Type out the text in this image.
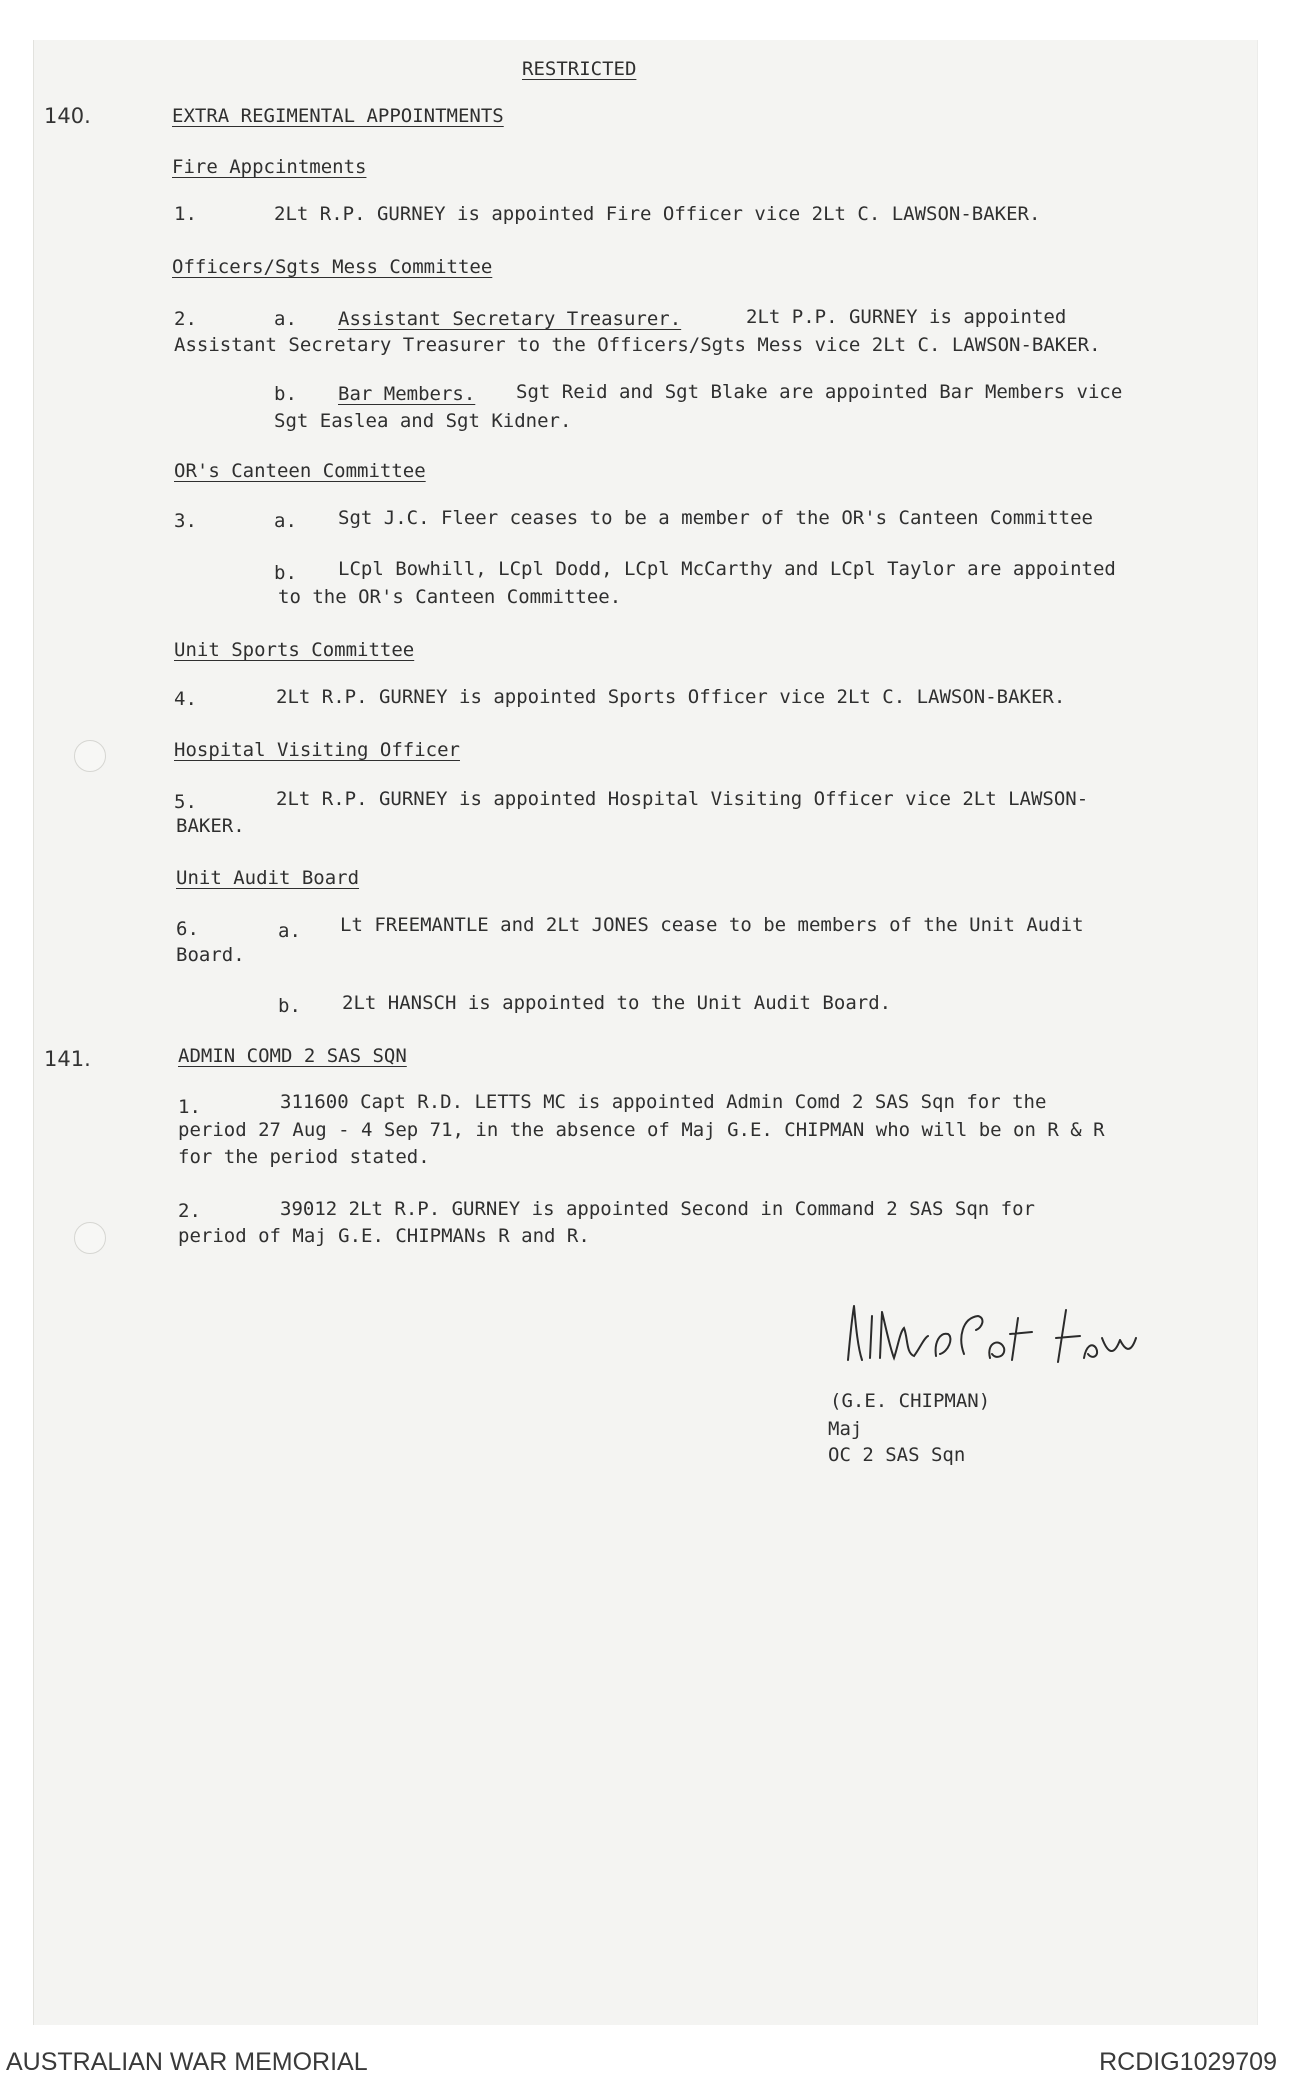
RESTRICTED
140.	EXTRA REGIMENTAL APPOINTMENTS
Fire Appcintments
1.	2Lt R.P. GURNEY is appointed Fire Officer vice 2Lt C. LAWSON-BAKER.
Officers/Sgts Mess Committee
2.	a. Assistant Secretary Treasurer.	2Lt P.P. GURNEY is appointed
Assistant Secretary Treasurer to the Officers/Sgts Mess vice 2Lt C. LAWSON-BAKER.
b. Bar Members. Sgt Reid and Sgt Blake are appointed Bar Members vice
Sgt Easlea and Sgt Kidner.
OR's Canteen Committee
3.	a. Sgt J.C. Fleer ceases to be a member of the OR's Canteen Committee
b. LCpl Bowhill, LCpl Dodd, LCpl McCarthy and LCpl Taylor are appointed
to the OR's Canteen Committee.
Unit Sports Committee
4.	2Lt R.P. GURNEY is appointed Sports Officer vice 2Lt C. LAWSON-BAKER.
Hospital Visiting Officer
5.	2Lt R.P. GURNEY is appointed Hospital Visiting Officer vice 2Lt LAWSON-
BAKER.
Unit Audit Board
6.	a. Lt FREEMANTLE and 2Lt JONES cease to be members of the Unit Audit
Board.
b. 2Lt HANSCH is appointed to the Unit Audit Board.
141.	ADMIN COMD 2 SAS SQN
1.	311600 Capt R.D. LETTS MC is appointed Admin Comd 2 SAS Sqn for the
period 27 Aug - 4 Sep 71, in the absence of Maj G.E. CHIPMAN who will be on R & R
for the period stated.
2.	39012 2Lt R.P. GURNEY is appointed Second in Command 2 SAS Sqn for
period of Maj G.E. CHIPMANs R and R.
(G.E. CHIPMAN)
Maj
OC 2 SAS Sqn
AUSTRALIAN WAR MEMORIAL	RCDIG1029709
